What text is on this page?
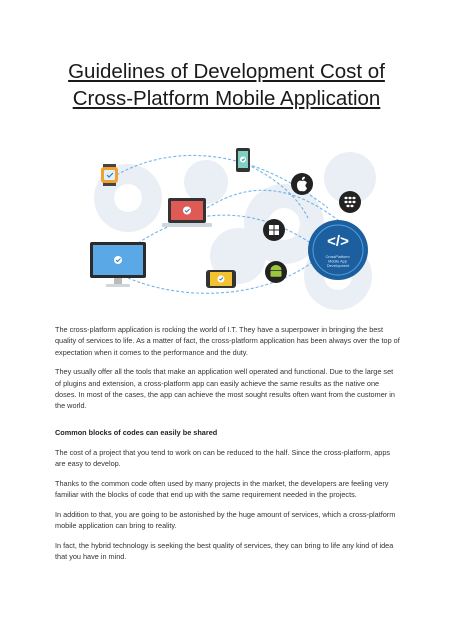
Guidelines of Development Cost of Cross-Platform Mobile Application
</>
CrossPlatform Mobile App Development

The cross-platform application is rocking the world of I.T. They have a superpower in bringing the best quality of services to life. As a matter of fact, the cross-platform application has been always over the top of expectation when it comes to the performance and the duty.

They usually offer all the tools that make an application well operated and functional. Due to the large set of plugins and extension, a cross-platform app can easily achieve the same results as the native one doses. In most of the cases, the app can achieve the most sought results often want from the customer in the world.

Common blocks of codes can easily be shared

The cost of a project that you tend to work on can be reduced to the half. Since the cross-platform, apps are easy to develop.

Thanks to the common code often used by many projects in the market, the developers are feeling very familiar with the blocks of code that end up with the same requirement needed in the projects.

In addition to that, you are going to be astonished by the huge amount of services, which a cross-platform mobile application can bring to reality.

In fact, the hybrid technology is seeking the best quality of services, they can bring to life any kind of idea that you have in mind.
